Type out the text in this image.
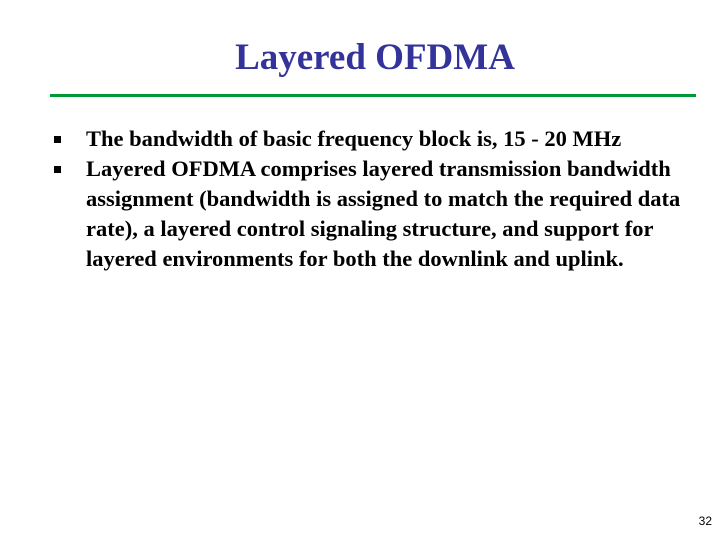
Layered OFDMA
The bandwidth of basic frequency block is, 15 - 20 MHz
Layered OFDMA comprises layered transmission bandwidth assignment (bandwidth is assigned to match the required data rate), a layered control signaling structure, and support for layered environments for both the downlink and uplink.
32
